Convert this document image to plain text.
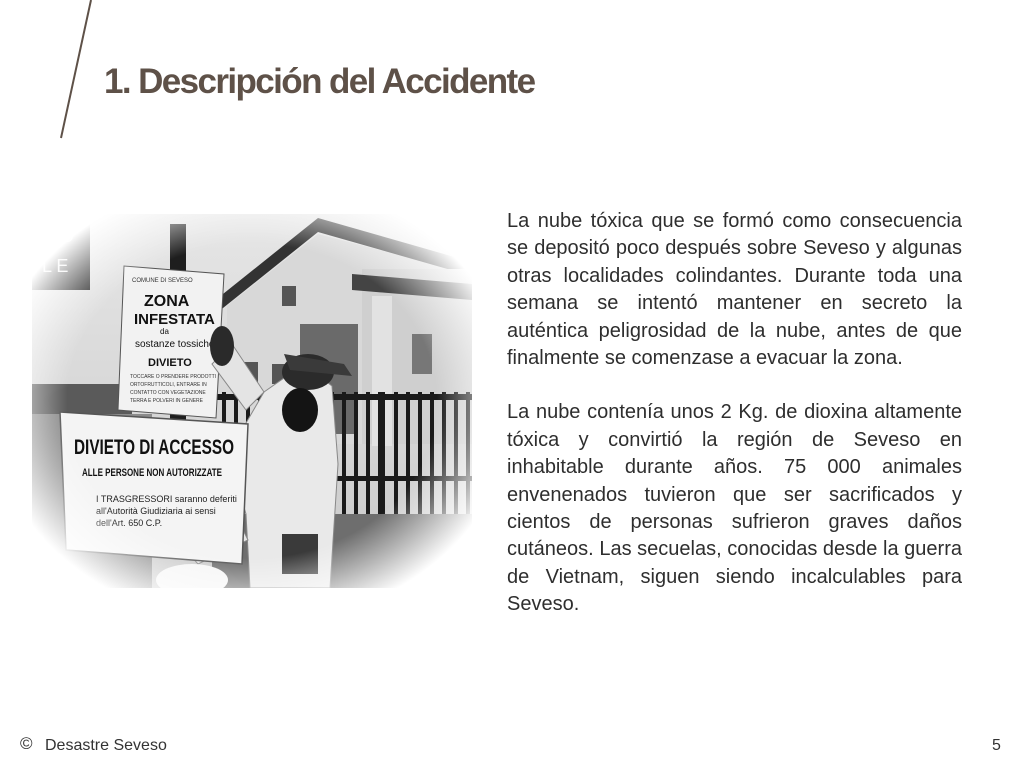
1. Descripción del Accidente

La nube tóxica que se formó como consecuencia se depositó poco después sobre Seveso y algunas otras localidades colindantes. Durante toda una semana se intentó mantener en secreto la auténtica peligrosidad de la nube, antes de que finalmente se comenzase a evacuar la zona.

La nube contenía unos 2 Kg. de dioxina altamente tóxica y convirtió la región de Seveso en inhabitable durante años. 75 000 animales envenenados tuvieron que ser sacrificados y cientos de personas sufrieron graves daños cutáneos. Las secuelas, conocidas desde la guerra de Vietnam, siguen siendo incalculables para Seveso.

© Desastre Seveso	5
